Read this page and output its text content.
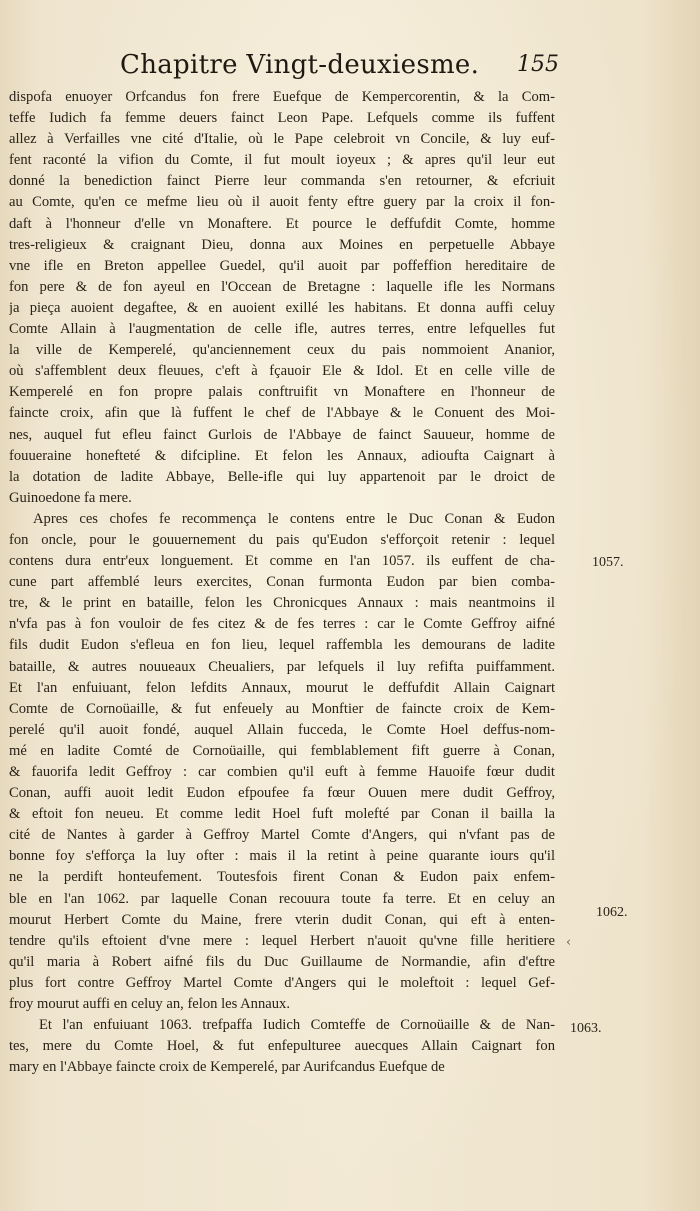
Chapitre Vingt-deuxiesme. 155
dispofa enuoyer Orfcandus fon frere Euefque de Kempercorentin, & la Com-
teffe Iudich fa femme deuers fainct Leon Pape. Lefquels comme ils fuffent
allez à Verfailles vne cité d'Italie, où le Pape celebroit vn Concile, & luy euf-
fent raconté la vifion du Comte, il fut moult ioyeux ; & apres qu'il leur eut
donné la benediction fainct Pierre leur commanda s'en retourner, & efcriuit
au Comte, qu'en ce mefme lieu où il auoit fenty eftre guery par la croix il fon-
daft à l'honneur d'elle vn Monaftere. Et pource le deffufdit Comte, homme
tres-religieux & craignant Dieu, donna aux Moines en perpetuelle Abbaye
vne ifle en Breton appellee Guedel, qu'il auoit par poffeffion hereditaire de
fon pere & de fon ayeul en l'Occean de Bretagne : laquelle ifle les Normans
ja pieça auoient degaftee, & en auoient exillé les habitans. Et donna auffi celuy
Comte Allain à l'augmentation de celle ifle, autres terres, entre lefquelles fut
la ville de Kemperelé, qu'anciennement ceux du pais nommoient Ananior,
où s'affemblent deux fleuues, c'eft à fçauoir Ele & Idol. Et en celle ville de
Kemperelé en fon propre palais conftruifit vn Monaftere en l'honneur de
faincte croix, afin que là fuffent le chef de l'Abbaye & le Conuent des Moi-
nes, auquel fut efleu fainct Gurlois de l'Abbaye de fainct Sauueur, homme de
fouueraine honefteté & difcipline. Et felon les Annaux, adioufta Caignart à
la dotation de ladite Abbaye, Belle-ifle qui luy appartenoit par le droict de
Guinoedone fa mere.
Apres ces chofes fe recommença le contens entre le Duc Conan & Eudon
fon oncle, pour le gouuernement du pais qu'Eudon s'efforçoit retenir : lequel
contens dura entr'eux longuement. Et comme en l'an 1057. ils euffent de cha-
cune part affemblé leurs exercites, Conan furmonta Eudon par bien comba-
tre, & le print en bataille, felon les Chronicques Annaux : mais neantmoins il
n'vfa pas à fon vouloir de fes citez & de fes terres : car le Comte Geffroy aifné
fils dudit Eudon s'efleua en fon lieu, lequel raffembla les demourans de ladite
bataille, & autres nouueaux Cheualiers, par lefquels il luy refifta puiffamment.
Et l'an enfuiuant, felon lefdits Annaux, mourut le deffufdit Allain Caignart
Comte de Cornoüaille, & fut enfeuely au Monftier de faincte croix de Kem-
perelé qu'il auoit fondé, auquel Allain fucceda, le Comte Hoel deffus-nom-
mé en ladite Comté de Cornoüaille, qui femblablement fift guerre à Conan,
& fauorifa ledit Geffroy : car combien qu'il euft à femme Hauoife fœur dudit
Conan, auffi auoit ledit Eudon efpoufee fa fœur Ouuen mere dudit Geffroy,
& eftoit fon neueu. Et comme ledit Hoel fuft molefté par Conan il bailla la
cité de Nantes à garder à Geffroy Martel Comte d'Angers, qui n'vfant pas de
bonne foy s'efforça la luy ofter : mais il la retint à peine quarante iours qu'il
ne la perdift honteufement. Toutesfois firent Conan & Eudon paix enfem-
ble en l'an 1062. par laquelle Conan recouura toute fa terre. Et en celuy an
mourut Herbert Comte du Maine, frere vterin dudit Conan, qui eft à enten-
tendre qu'ils eftoient d'vne mere : lequel Herbert n'auoit qu'vne fille heritiere
qu'il maria à Robert aifné fils du Duc Guillaume de Normandie, afin d'eftre
plus fort contre Geffroy Martel Comte d'Angers qui le moleftoit : lequel Gef-
froy mourut auffi en celuy an, felon les Annaux.
Et l'an enfuiuant 1063. trefpaffa Iudich Comteffe de Cornoüaille & de Nan-
tes, mere du Comte Hoel, & fut enfepulturee auecques Allain Caignart fon
mary en l'Abbaye faincte croix de Kemperelé, par Aurifcandus Euefque de
1057.
1062.
1063.
‹
